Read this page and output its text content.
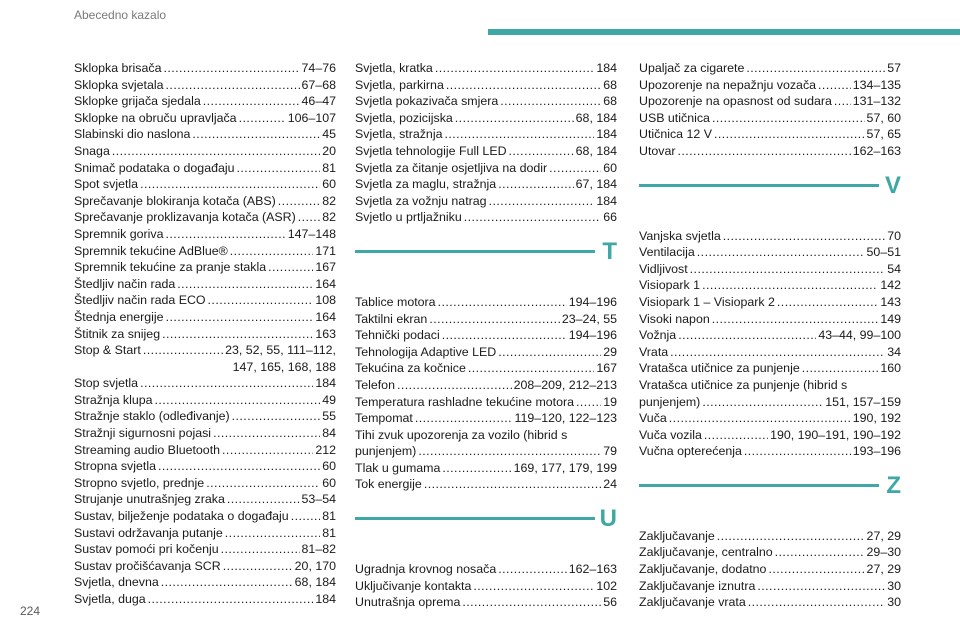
Abecedno kazalo
Sklopka brisača . . .	74–76
Sklopka svjetala . . .	67–68
Sklopke grijača sjedala . . .	46–47
Sklopke na obruču upravljača . . .	106–107
Slabinski dio naslona . . .	45
Snaga . . .	20
Snimač podataka o događaju . . .	81
Spot svjetla . . .	60
Sprečavanje blokiranja kotača (ABS) . . .	82
Sprečavanje proklizavanja kotača (ASR) . . . 82
Spremnik goriva . . .	147–148
Spremnik tekućine AdBlue® . . .	171
Spremnik tekućine za pranje stakla . . .	167
Štedljiv način rada . . .	164
Štedljiv način rada ECO . . .	108
Štednja energije . . .	164
Štitnik za snijeg . . .	163
Stop & Start . . .	23, 52, 55, 111–112,
147, 165, 168, 188
Stop svjetla . . .	184
Stražnja klupa . . .	49
Stražnje staklo (odleđivanje) . . .	55
Stražnji sigurnosni pojasi . . .	84
Streaming audio Bluetooth . . .	212
Stropna svjetla . . .	60
Stropno svjetlo, prednje . . .	60
Strujanje unutrašnjeg zraka . . .	53–54
Sustav, bilježenje podataka o događaju . . .	81
Sustavi održavanja putanje . . .	81
Sustav pomoći pri kočenju . . .	81–82
Sustav pročišćavanja SCR . . .	20, 170
Svjetla, dnevna . . .	68, 184
Svjetla, duga . . .	184
Svjetla, kratka . . .	184
Svjetla, parkirna . . .	68
Svjetla pokazivača smjera . . .	68
Svjetla, pozicijska . . .	68, 184
Svjetla, stražnja . . .	184
Svjetla tehnologije Full LED . . .	68, 184
Svjetla za čitanje osjetljiva na dodir . . .	60
Svjetla za maglu, stražnja . . .	67, 184
Svjetla za vožnju natrag . . .	184
Svjetlo u prtljažniku . . .	66
T
Tablice motora . . .	194–196
Taktilni ekran . . .	23–24, 55
Tehnički podaci . . .	194–196
Tehnologija Adaptive LED . . .	29
Tekućina za kočnice . . .	167
Telefon . . .	208–209, 212–213
Temperatura rashladne tekućine motora . . . 19
Tempomat . . .	119–120, 122–123
Tihi zvuk upozorenja za vozilo (hibrid s
punjenjem) . . .	79
Tlak u gumama . . .	169, 177, 179, 199
Tok energije . . .	24
U
Ugradnja krovnog nosača . . .	162–163
Uključivanje kontakta . . .	102
Unutrašnja oprema . . .	56
Upaljač za cigarete . . .	57
Upozorenje na nepažnju vozača . . .	134–135
Upozorenje na opasnost od sudara . . . 131–132
USB utičnica . . .	57, 60
Utičnica 12 V . . .	57, 65
Utovar . . .	162–163
V
Vanjska svjetla . . .	70
Ventilacija . . .	50–51
Vidljivost . . .	54
Visiopark 1 . . .	142
Visiopark 1 – Visiopark 2 . . .	143
Visoki napon . . .	149
Vožnja . . .	43–44, 99–100
Vrata . . .	34
Vratašca utičnice za punjenje . . .	160
Vratašca utičnice za punjenje (hibrid s
punjenjem) . . .	151, 157–159
Vuča . . .	190, 192
Vuča vozila . . .	190, 190–191, 190–192
Vučna opterećenja . . .	193–196
Z
Zaključavanje . . .	27, 29
Zaključavanje, centralno . . .	29–30
Zaključavanje, dodatno . . .	27, 29
Zaključavanje iznutra . . .	30
Zaključavanje vrata . . .	30
224
